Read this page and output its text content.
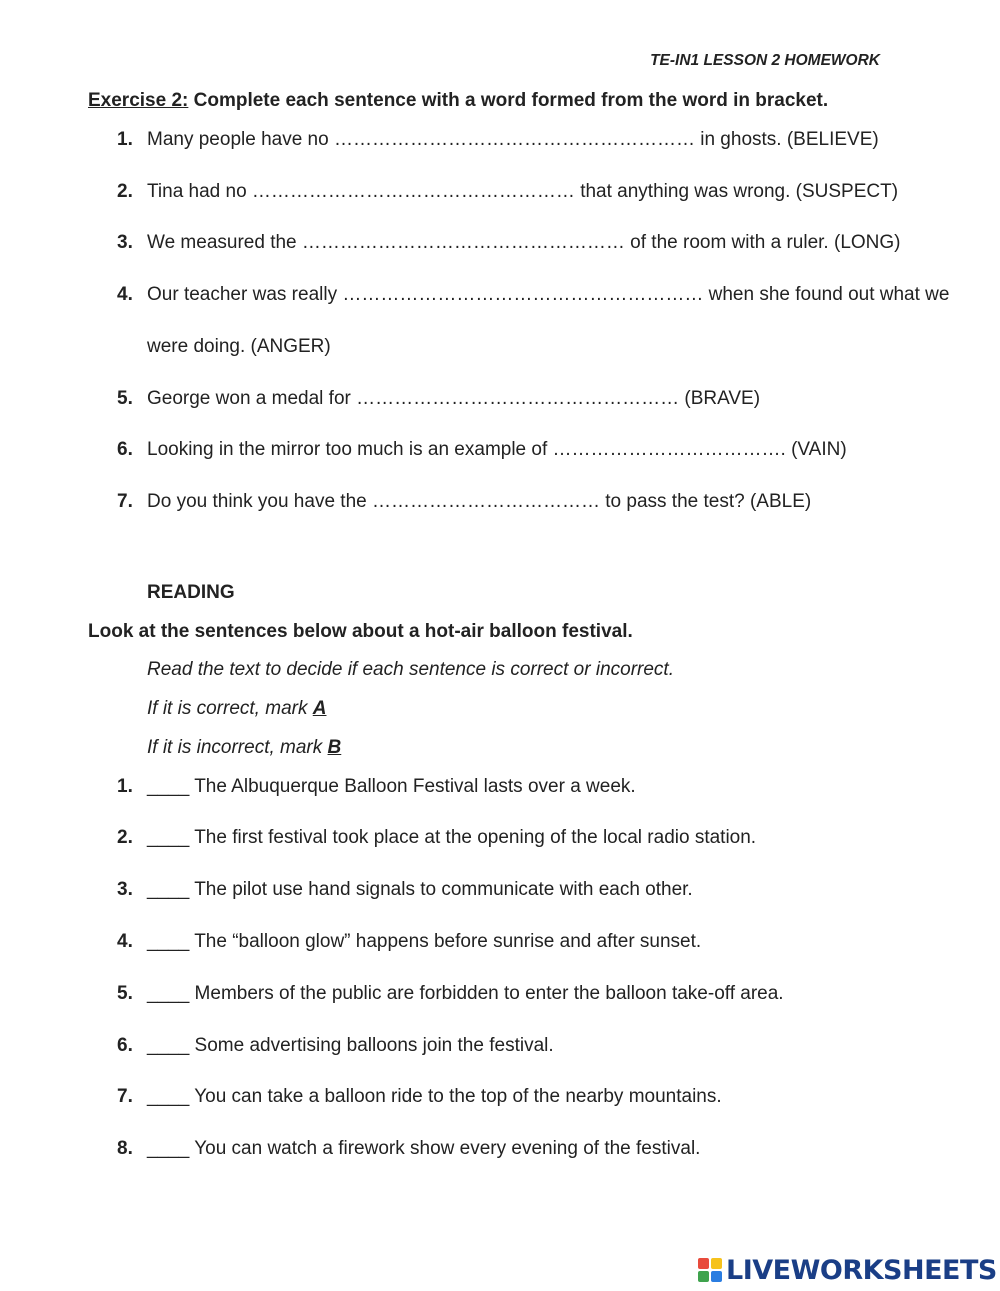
TE-IN1 LESSON 2 HOMEWORK
Exercise 2: Complete each sentence with a word formed from the word in bracket.
1. Many people have no ………………………………………………… in ghosts. (BELIEVE)
2. Tina had no …………………………………………… that anything was wrong. (SUSPECT)
3. We measured the …………………………………………… of the room with a ruler. (LONG)
4. Our teacher was really ………………………………………………… when she found out what we
were doing. (ANGER)
5. George won a medal for …………………………………………… (BRAVE)
6. Looking in the mirror too much is an example of ………………………………. (VAIN)
7. Do you think you have the ……………………………… to pass the test? (ABLE)
READING
Look at the sentences below about a hot-air balloon festival.
Read the text to decide if each sentence is correct or incorrect.
If it is correct, mark A
If it is incorrect, mark B
1. ____ The Albuquerque Balloon Festival lasts over a week.
2. ____ The first festival took place at the opening of the local radio station.
3. ____ The pilot use hand signals to communicate with each other.
4. ____ The “balloon glow” happens before sunrise and after sunset.
5. ____ Members of the public are forbidden to enter the balloon take-off area.
6. ____ Some advertising balloons join the festival.
7. ____ You can take a balloon ride to the top of the nearby mountains.
8. ____ You can watch a firework show every evening of the festival.
LIVEWORKSHEETS
